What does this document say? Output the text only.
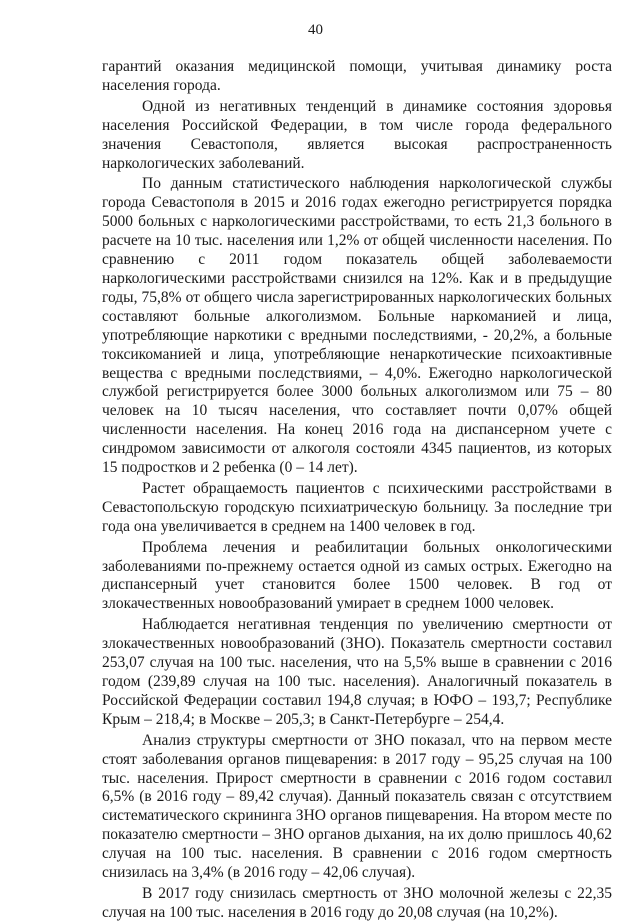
40

гарантий оказания медицинской помощи, учитывая динамику роста населения города.

Одной из негативных тенденций в динамике состояния здоровья населения Российской Федерации, в том числе города федерального значения Севастополя, является высокая распространенность наркологических заболеваний.

По данным статистического наблюдения наркологической службы города Севастополя в 2015 и 2016 годах ежегодно регистрируется порядка 5000 больных с наркологическими расстройствами, то есть 21,3 больного в расчете на 10 тыс. населения или 1,2% от общей численности населения. По сравнению с 2011 годом показатель общей заболеваемости наркологическими расстройствами снизился на 12%. Как и в предыдущие годы, 75,8% от общего числа зарегистрированных наркологических больных составляют больные алкоголизмом. Больные наркоманией и лица, употребляющие наркотики с вредными последствиями, - 20,2%, а больные токсикоманией и лица, употребляющие ненаркотические психоактивные вещества с вредными последствиями, – 4,0%. Ежегодно наркологической службой регистрируется более 3000 больных алкоголизмом или 75 – 80 человек на 10 тысяч населения, что составляет почти 0,07% общей численности населения. На конец 2016 года на диспансерном учете с синдромом зависимости от алкоголя состояли 4345 пациентов, из которых 15 подростков и 2 ребенка (0 – 14 лет).

Растет обращаемость пациентов с психическими расстройствами в Севастопольскую городскую психиатрическую больницу. За последние три года она увеличивается в среднем на 1400 человек в год.

Проблема лечения и реабилитации больных онкологическими заболеваниями по-прежнему остается одной из самых острых. Ежегодно на диспансерный учет становится более 1500 человек. В год от злокачественных новообразований умирает в среднем 1000 человек.

Наблюдается негативная тенденция по увеличению смертности от злокачественных новообразований (ЗНО). Показатель смертности составил 253,07 случая на 100 тыс. населения, что на 5,5% выше в сравнении с 2016 годом (239,89 случая на 100 тыс. населения). Аналогичный показатель в Российской Федерации составил 194,8 случая; в ЮФО – 193,7; Республике Крым – 218,4; в Москве – 205,3; в Санкт-Петербурге – 254,4.

Анализ структуры смертности от ЗНО показал, что на первом месте стоят заболевания органов пищеварения: в 2017 году – 95,25 случая на 100 тыс. населения. Прирост смертности в сравнении с 2016 годом составил 6,5% (в 2016 году – 89,42 случая). Данный показатель связан с отсутствием систематического скрининга ЗНО органов пищеварения. На втором месте по показателю смертности – ЗНО органов дыхания, на их долю пришлось 40,62 случая на 100 тыс. населения. В сравнении с 2016 годом смертность снизилась на 3,4% (в 2016 году – 42,06 случая).

В 2017 году снизилась смертность от ЗНО молочной железы с 22,35 случая на 100 тыс. населения в 2016 году до 20,08 случая (на 10,2%).
